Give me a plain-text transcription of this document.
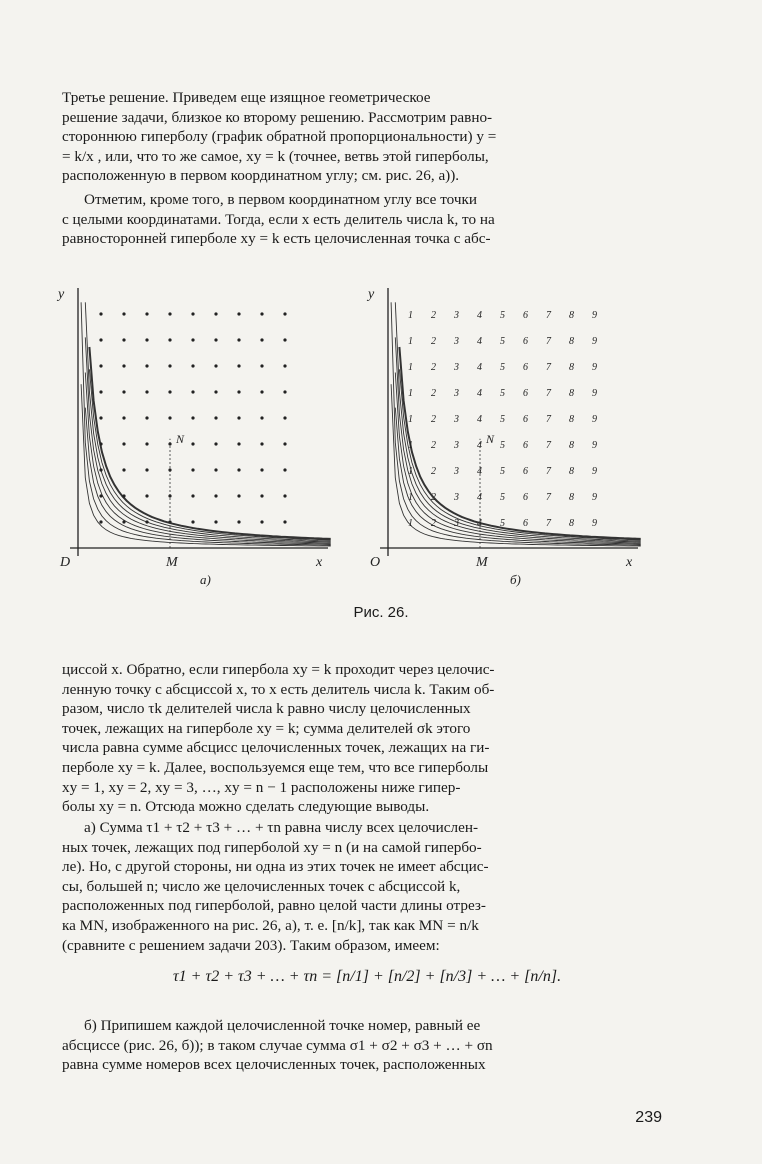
Третье решение. Приведем еще изящное геометрическое
решение задачи, близкое ко второму решению. Рассмотрим равно-
стороннюю гиперболу (график обратной пропорциональности) y =
= k/x , или, что то же самое, xy = k (точнее, ветвь этой гиперболы,
расположенную в первом координатном углу; см. рис. 26, а)).
Отметим, кроме того, в первом координатном углу все точки
с целыми координатами. Тогда, если x есть делитель числа k, то на
равносторонней гиперболе xy = k есть целочисленная точка с абс-
y
D	M	x
N
а)
1
1
1
1
1
1
1
1
1
2
2
2
2
2
2
2
2
2
3
3
3
3
3
3
3
3
3
4
4
4
4
4
4
4
4
4
5
5
5
5
5
5
5
5
5
6
6
6
6
6
6
6
6
6
7
7
7
7
7
7
7
7
7
8
8
8
8
8
8
8
8
8
9
9
9
9
9
9
9
9
9
y
O	M	x
N
б)
Рис. 26.
циссой x. Обратно, если гипербола xy = k проходит через целочис-
ленную точку с абсциссой x, то x есть делитель числа k. Таким об-
разом, число τk делителей числа k равно числу целочисленных
точек, лежащих на гиперболе xy = k; сумма делителей σk этого
числа равна сумме абсцисс целочисленных точек, лежащих на ги-
перболе xy = k. Далее, воспользуемся еще тем, что все гиперболы
xy = 1, xy = 2, xy = 3, …, xy = n − 1 расположены ниже гипер-
болы xy = n. Отсюда можно сделать следующие выводы.
а) Сумма τ1 + τ2 + τ3 + … + τn равна числу всех целочислен-
ных точек, лежащих под гиперболой xy = n (и на самой гипербо-
ле). Но, с другой стороны, ни одна из этих точек не имеет абсцис-
сы, большей n; число же целочисленных точек с абсциссой k,
расположенных под гиперболой, равно целой части длины отрез-
ка MN, изображенного на рис. 26, а), т. е. [n/k], так как MN = n/k
(сравните с решением задачи 203). Таким образом, имеем:
τ1 + τ2 + τ3 + … + τn = [n/1] + [n/2] + [n/3] + … + [n/n].
б) Припишем каждой целочисленной точке номер, равный ее
абсциссе (рис. 26, б)); в таком случае сумма σ1 + σ2 + σ3 + … + σn
равна сумме номеров всех целочисленных точек, расположенных
239
